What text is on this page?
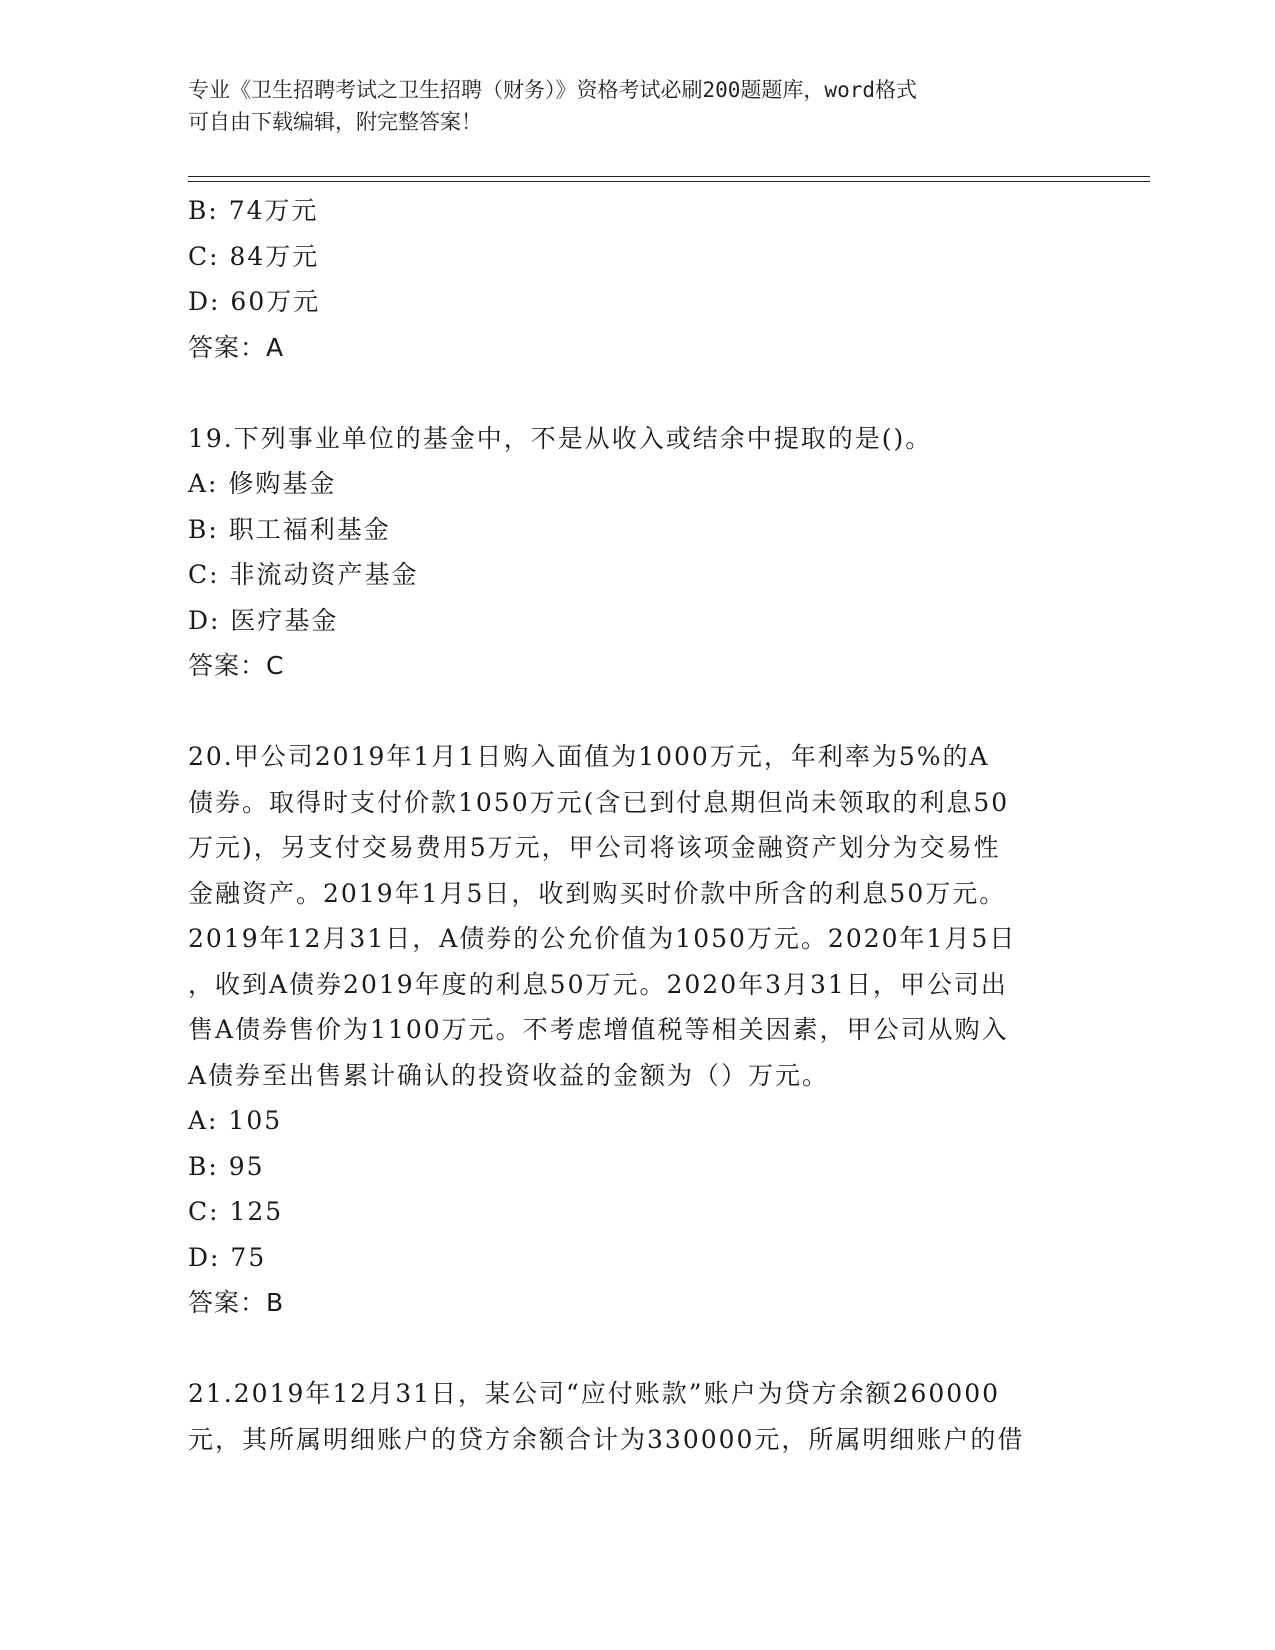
专业《卫生招聘考试之卫生招聘（财务）》资格考试必刷200题题库，word格式
可自由下载编辑，附完整答案！
B: 74万元
C: 84万元
D: 60万元
答案：A
19.下列事业单位的基金中，不是从收入或结余中提取的是()。
A: 修购基金
B: 职工福利基金
C: 非流动资产基金
D: 医疗基金
答案：C
20.甲公司2019年1月1日购入面值为1000万元，年利率为5%的A
债券。取得时支付价款1050万元(含已到付息期但尚未领取的利息50
万元)，另支付交易费用5万元，甲公司将该项金融资产划分为交易性
金融资产。2019年1月5日，收到购买时价款中所含的利息50万元。
2019年12月31日，A债券的公允价值为1050万元。2020年1月5日
，收到A债券2019年度的利息50万元。2020年3月31日，甲公司出
售A债券售价为1100万元。不考虑增值税等相关因素，甲公司从购入
A债券至出售累计确认的投资收益的金额为（）万元。
A: 105
B: 95
C: 125
D: 75
答案：B
21.2019年12月31日，某公司“应付账款”账户为贷方余额260000
元，其所属明细账户的贷方余额合计为330000元，所属明细账户的借
